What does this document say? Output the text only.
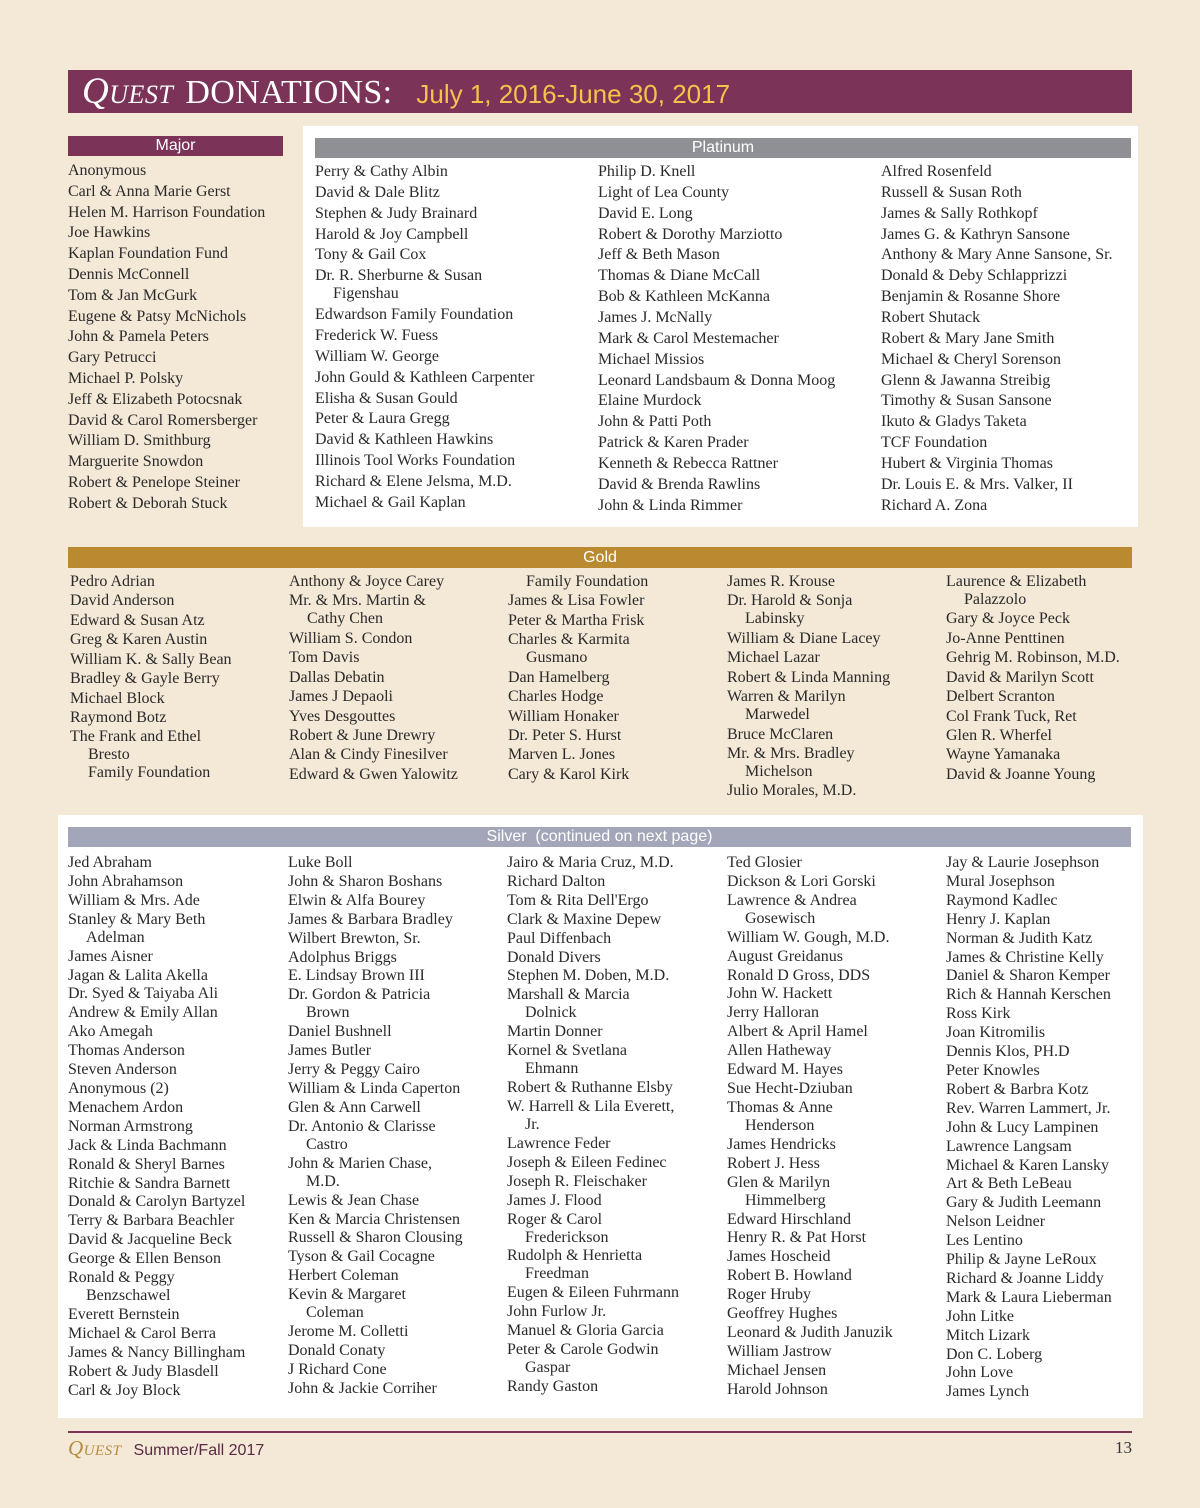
QUEST DONATIONS: July 1, 2016-June 30, 2017
Major
Anonymous
Carl & Anna Marie Gerst
Helen M. Harrison Foundation
Joe Hawkins
Kaplan Foundation Fund
Dennis McConnell
Tom & Jan McGurk
Eugene & Patsy McNichols
John & Pamela Peters
Gary Petrucci
Michael P. Polsky
Jeff & Elizabeth Potocsnak
David & Carol Romersberger
William D. Smithburg
Marguerite Snowdon
Robert & Penelope Steiner
Robert & Deborah Stuck
Platinum
Perry & Cathy Albin
David & Dale Blitz
Stephen & Judy Brainard
Harold & Joy Campbell
Tony & Gail Cox
Dr. R. Sherburne & Susan
Figenshau
Edwardson Family Foundation
Frederick W. Fuess
William W. George
John Gould & Kathleen Carpenter
Elisha & Susan Gould
Peter & Laura Gregg
David & Kathleen Hawkins
Illinois Tool Works Foundation
Richard & Elene Jelsma, M.D.
Michael & Gail Kaplan
Philip D. Knell
Light of Lea County
David E. Long
Robert & Dorothy Marziotto
Jeff & Beth Mason
Thomas & Diane McCall
Bob & Kathleen McKanna
James J. McNally
Mark & Carol Mestemacher
Michael Missios
Leonard Landsbaum & Donna Moog
Elaine Murdock
John & Patti Poth
Patrick & Karen Prader
Kenneth & Rebecca Rattner
David & Brenda Rawlins
John & Linda Rimmer
Alfred Rosenfeld
Russell & Susan Roth
James & Sally Rothkopf
James G. & Kathryn Sansone
Anthony & Mary Anne Sansone, Sr.
Donald & Deby Schlapprizzi
Benjamin & Rosanne Shore
Robert Shutack
Robert & Mary Jane Smith
Michael & Cheryl Sorenson
Glenn & Jawanna Streibig
Timothy & Susan Sansone
Ikuto & Gladys Taketa
TCF Foundation
Hubert & Virginia Thomas
Dr. Louis E. & Mrs. Valker, II
Richard A. Zona
Gold
Pedro Adrian
David Anderson
Edward & Susan Atz
Greg & Karen Austin
William K. & Sally Bean
Bradley & Gayle Berry
Michael Block
Raymond Botz
The Frank and Ethel
Bresto
Family Foundation
Anthony & Joyce Carey
Mr. & Mrs. Martin &
Cathy Chen
William S. Condon
Tom Davis
Dallas Debatin
James J Depaoli
Yves Desgouttes
Robert & June Drewry
Alan & Cindy Finesilver
Edward & Gwen Yalowitz
Family Foundation
James & Lisa Fowler
Peter & Martha Frisk
Charles & Karmita
Gusmano
Dan Hamelberg
Charles Hodge
William Honaker
Dr. Peter S. Hurst
Marven L. Jones
Cary & Karol Kirk
James R. Krouse
Dr. Harold & Sonja
Labinsky
William & Diane Lacey
Michael Lazar
Robert & Linda Manning
Warren & Marilyn
Marwedel
Bruce McClaren
Mr. & Mrs. Bradley
Michelson
Julio Morales, M.D.
Laurence & Elizabeth
Palazzolo
Gary & Joyce Peck
Jo-Anne Penttinen
Gehrig M. Robinson, M.D.
David & Marilyn Scott
Delbert Scranton
Col Frank Tuck, Ret
Glen R. Wherfel
Wayne Yamanaka
David & Joanne Young
Silver  (continued on next page)
Jed Abraham
John Abrahamson
William & Mrs. Ade
Stanley & Mary Beth
Adelman
James Aisner
Jagan & Lalita Akella
Dr. Syed & Taiyaba Ali
Andrew & Emily Allan
Ako Amegah
Thomas Anderson
Steven Anderson
Anonymous (2)
Menachem Ardon
Norman Armstrong
Jack & Linda Bachmann
Ronald & Sheryl Barnes
Ritchie & Sandra Barnett
Donald & Carolyn Bartyzel
Terry & Barbara Beachler
David & Jacqueline Beck
George & Ellen Benson
Ronald & Peggy
Benzschawel
Everett Bernstein
Michael & Carol Berra
James & Nancy Billingham
Robert & Judy Blasdell
Carl & Joy Block
Luke Boll
John & Sharon Boshans
Elwin & Alfa Bourey
James & Barbara Bradley
Wilbert Brewton, Sr.
Adolphus Briggs
E. Lindsay Brown III
Dr. Gordon & Patricia
Brown
Daniel Bushnell
James Butler
Jerry & Peggy Cairo
William & Linda Caperton
Glen & Ann Carwell
Dr. Antonio & Clarisse
Castro
John & Marien Chase,
M.D.
Lewis & Jean Chase
Ken & Marcia Christensen
Russell & Sharon Clousing
Tyson & Gail Cocagne
Herbert Coleman
Kevin & Margaret
Coleman
Jerome M. Colletti
Donald Conaty
J Richard Cone
John & Jackie Corriher
Jairo & Maria Cruz, M.D.
Richard Dalton
Tom & Rita Dell'Ergo
Clark & Maxine Depew
Paul Diffenbach
Donald Divers
Stephen M. Doben, M.D.
Marshall & Marcia
Dolnick
Martin Donner
Kornel & Svetlana
Ehmann
Robert & Ruthanne Elsby
W. Harrell & Lila Everett,
Jr.
Lawrence Feder
Joseph & Eileen Fedinec
Joseph R. Fleischaker
James J. Flood
Roger & Carol
Frederickson
Rudolph & Henrietta
Freedman
Eugen & Eileen Fuhrmann
John Furlow Jr.
Manuel & Gloria Garcia
Peter & Carole Godwin
Gaspar
Randy Gaston
Ted Glosier
Dickson & Lori Gorski
Lawrence & Andrea
Gosewisch
William W. Gough, M.D.
August Greidanus
Ronald D Gross, DDS
John W. Hackett
Jerry Halloran
Albert & April Hamel
Allen Hatheway
Edward M. Hayes
Sue Hecht-Dziuban
Thomas & Anne
Henderson
James Hendricks
Robert J. Hess
Glen & Marilyn
Himmelberg
Edward Hirschland
Henry R. & Pat Horst
James Hoscheid
Robert B. Howland
Roger Hruby
Geoffrey Hughes
Leonard & Judith Januzik
William Jastrow
Michael Jensen
Harold Johnson
Jay & Laurie Josephson
Mural Josephson
Raymond Kadlec
Henry J. Kaplan
Norman & Judith Katz
James & Christine Kelly
Daniel & Sharon Kemper
Rich & Hannah Kerschen
Ross Kirk
Joan Kitromilis
Dennis Klos, PH.D
Peter Knowles
Robert & Barbra Kotz
Rev. Warren Lammert, Jr.
John & Lucy Lampinen
Lawrence Langsam
Michael & Karen Lansky
Art & Beth LeBeau
Gary & Judith Leemann
Nelson Leidner
Les Lentino
Philip & Jayne LeRoux
Richard & Joanne Liddy
Mark & Laura Lieberman
John Litke
Mitch Lizark
Don C. Loberg
John Love
James Lynch
QUEST Summer/Fall 2017	13
